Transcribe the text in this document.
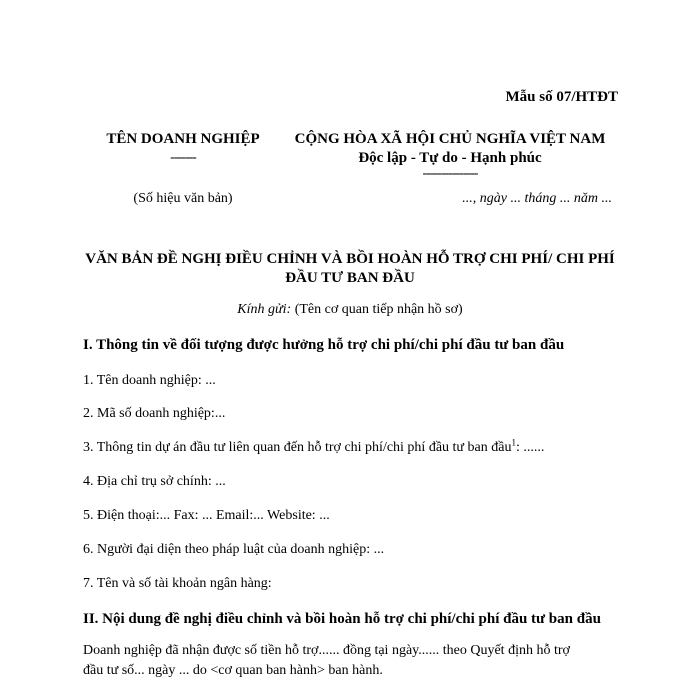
Mẫu số 07/HTĐT
TÊN DOANH NGHIỆP
-------
(Số hiệu văn bản)
CỘNG HÒA XÃ HỘI CHỦ NGHĨA VIỆT NAM
Độc lập - Tự do - Hạnh phúc
---------------
..., ngày ... tháng ... năm ...
VĂN BẢN ĐỀ NGHỊ ĐIỀU CHỈNH VÀ BỒI HOÀN HỖ TRỢ CHI PHÍ/ CHI PHÍ
ĐẦU TƯ BAN ĐẦU
Kính gửi: (Tên cơ quan tiếp nhận hồ sơ)
I. Thông tin về đối tượng được hưởng hỗ trợ chi phí/chi phí đầu tư ban đầu
1. Tên doanh nghiệp: ...
2. Mã số doanh nghiệp:...
3. Thông tin dự án đầu tư liên quan đến hỗ trợ chi phí/chi phí đầu tư ban đầu$^1$: ......
4. Địa chỉ trụ sở chính: ...
5. Điện thoại:... Fax: ... Email:... Website: ...
6. Người đại diện theo pháp luật của doanh nghiệp: ...
7. Tên và số tài khoản ngân hàng:
II. Nội dung đề nghị điều chỉnh và bồi hoàn hỗ trợ chi phí/chi phí đầu tư ban đầu
Doanh nghiệp đã nhận được số tiền hỗ trợ...... đồng tại ngày...... theo Quyết định hỗ trợ
đầu tư số... ngày ... do <cơ quan ban hành> ban hành.
